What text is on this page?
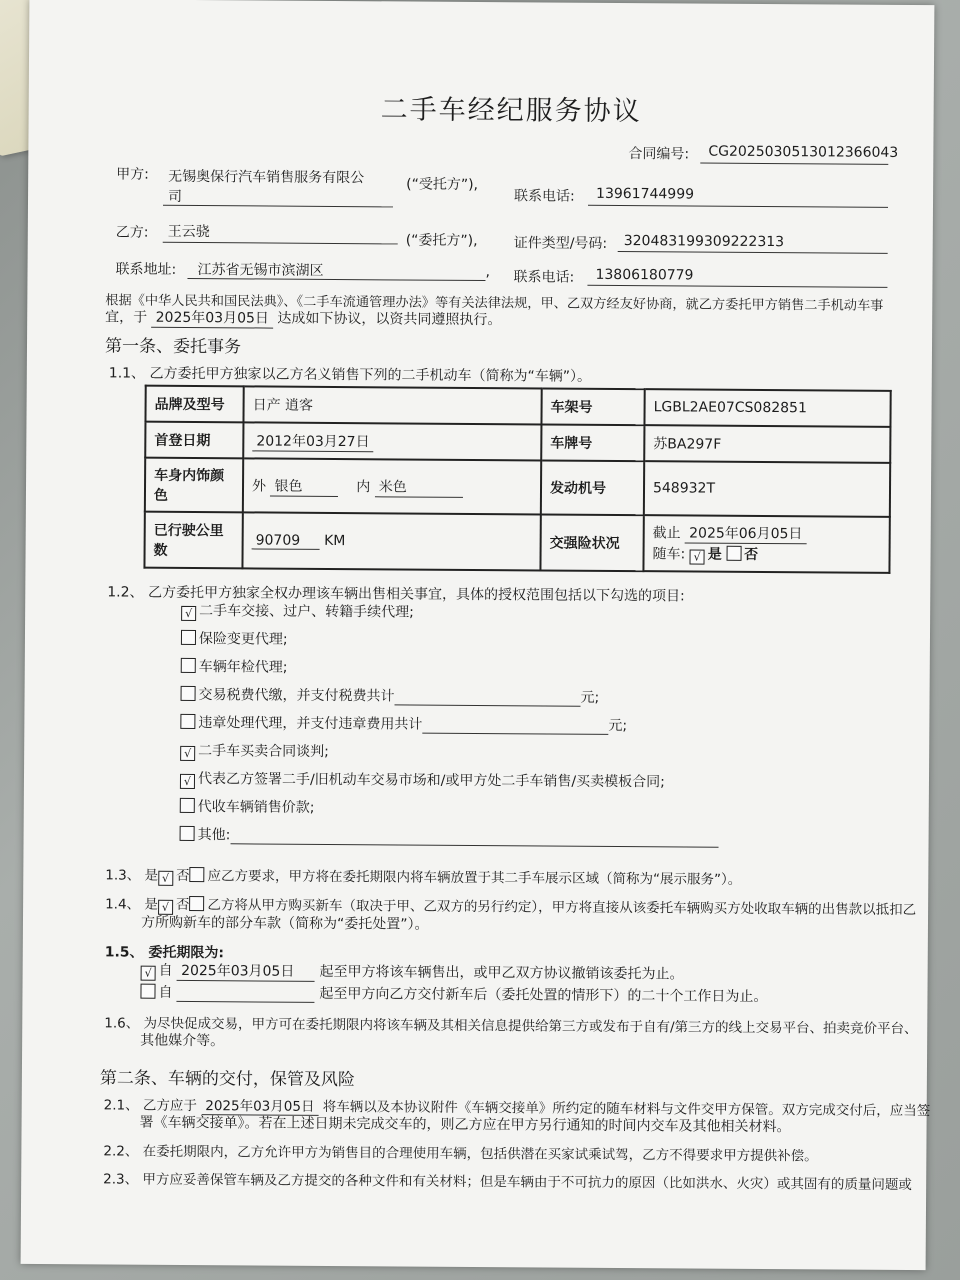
二手车经纪服务协议
合同编号: CG2025030513012366043
甲方: 无锡奥保行汽车销售服务有限公
司
(“受托方”),
联系电话: 13961744999
乙方: 王云骁
(“委托方”),	证件类型/号码: 320483199309222313
联系地址: 江苏省无锡市滨湖区	, 联系电话: 13806180779
根据《中华人民共和国民法典》、《二手车流通管理办法》等有关法律法规，甲、乙双方经友好协商，就乙方委托甲方销售二手机动车事
宜，于 2025年03月05日 达成如下协议，以资共同遵照执行。
第一条、委托事务
1.1、 乙方委托甲方独家以乙方名义销售下列的二手机动车（简称为“车辆”）。
品牌及型号	日产 逍客	车架号	LGBL2AE07CS082851
首登日期	2012年03月27日	车牌号	苏BA297F
车身内饰颜色	外 银色 内 米色	发动机号	548932T
已行驶公里数	90709 KM	交强险状况	截止 2025年06月05日
随车: √ 是 否
1.2、 乙方委托甲方独家全权办理该车辆出售相关事宜，具体的授权范围包括以下勾选的项目:
√二手车交接、过户、转籍手续代理;
保险变更代理;
车辆年检代理;
交易税费代缴，并支付税费共计	元;
违章处理代理，并支付违章费用共计	元;
√二手车买卖合同谈判;
√代表乙方签署二手/旧机动车交易市场和/或甲方处二手车销售/买卖模板合同;
代收车辆销售价款;
其他:
1.3、 是 √ 否 应乙方要求，甲方将在委托期限内将车辆放置于其二手车展示区域（简称为“展示服务”）。
1.4、 是 √ 否 乙方将从甲方购买新车（取决于甲、乙双方的另行约定），甲方将直接从该委托车辆购买方处收取车辆的出售款以抵扣乙
方所购新车的部分车款（简称为“委托处置”）。
1.5、 委托期限为:
√自 2025年03月05日 起至甲方将该车辆售出，或甲乙双方协议撤销该委托为止。
自	起至甲方向乙方交付新车后（委托处置的情形下）的二十个工作日为止。
1.6、 为尽快促成交易，甲方可在委托期限内将该车辆及其相关信息提供给第三方或发布于自有/第三方的线上交易平台、拍卖竞价平台、
其他媒介等。
第二条、车辆的交付，保管及风险
2.1、 乙方应于 2025年03月05日 将车辆以及本协议附件《车辆交接单》所约定的随车材料与文件交甲方保管。双方完成交付后，应当签
署《车辆交接单》。若在上述日期未完成交车的，则乙方应在甲方另行通知的时间内交车及其他相关材料。
2.2、 在委托期限内，乙方允许甲方为销售目的合理使用车辆，包括供潜在买家试乘试驾，乙方不得要求甲方提供补偿。
2.3、 甲方应妥善保管车辆及乙方提交的各种文件和有关材料；但是车辆由于不可抗力的原因（比如洪水、火灾）或其固有的质量问题或
